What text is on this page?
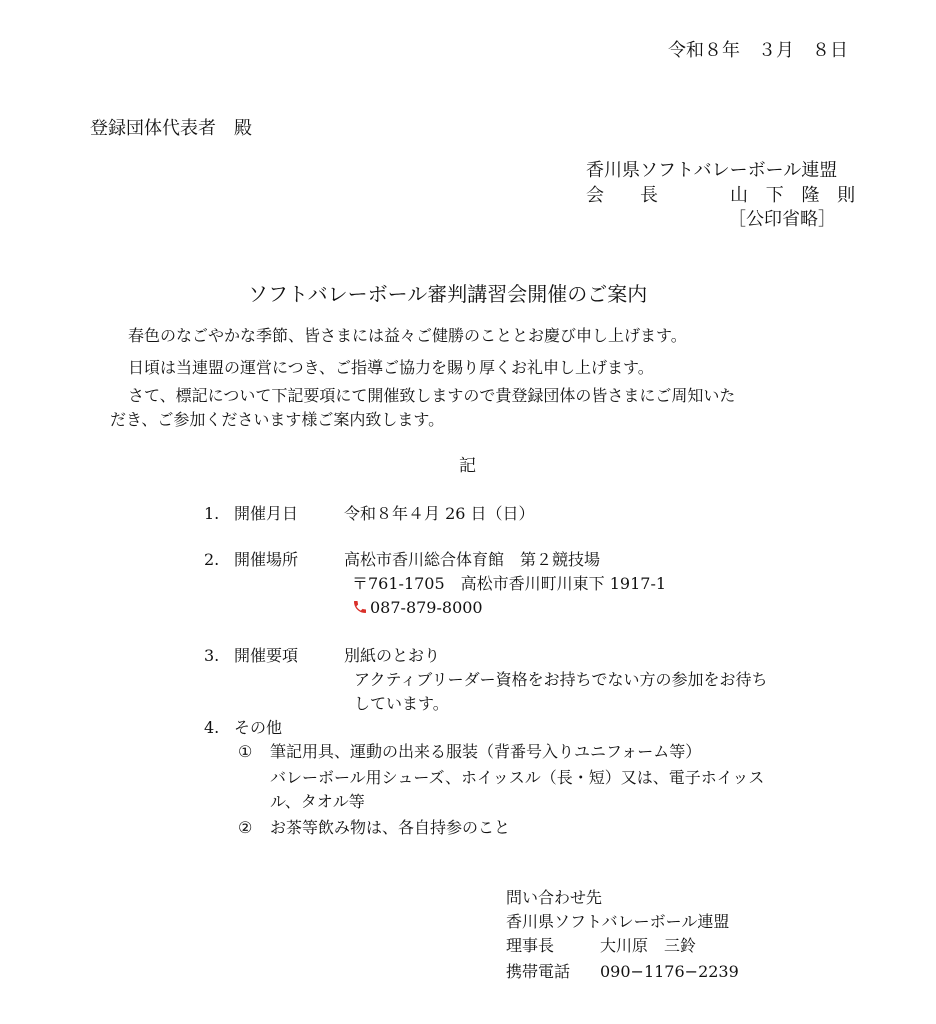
令和８年　３月　８日
登録団体代表者　殿
香川県ソフトバレーボール連盟
会　　長	山 下 隆 則
［公印省略］
ソフトバレーボール審判講習会開催のご案内
春色のなごやかな季節、皆さまには益々ご健勝のこととお慶び申し上げます。
日頃は当連盟の運営につき、ご指導ご協力を賜り厚くお礼申し上げます。
さて、標記について下記要項にて開催致しますので貴登録団体の皆さまにご周知いた
だき、ご参加くださいます様ご案内致します。
記
1. 開催月日	令和８年４月 26 日（日）
2. 開催場所	高松市香川総合体育館　第２競技場
〒761-1705　高松市香川町川東下 1917-1
087-879-8000
3. 開催要項	別紙のとおり
アクティブリーダー資格をお持ちでない方の参加をお待ち
しています。
4. その他
① 筆記用具、運動の出来る服装（背番号入りユニフォーム等）
バレーボール用シューズ、ホイッスル（長・短）又は、電子ホイッス
ル、タオル等
② お茶等飲み物は、各自持参のこと
問い合わせ先
香川県ソフトバレーボール連盟
理事長	大川原　三鈴
携帯電話 090−1176−2239
